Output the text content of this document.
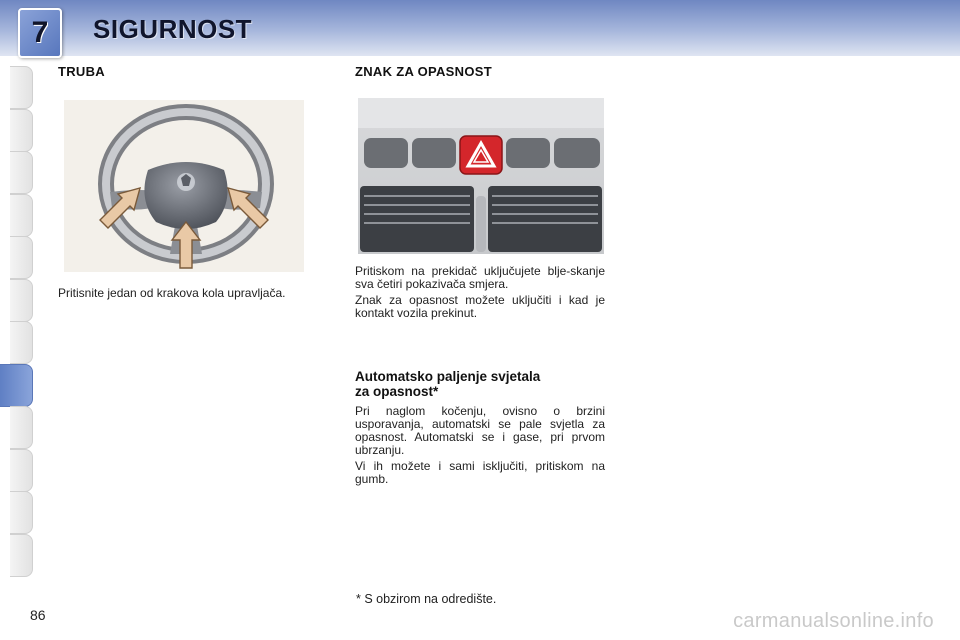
7 SIGURNOST
TRUBA

Pritisnite jedan od krakova kola upravljača.

ZNAK ZA OPASNOST

Pritiskom na prekidač uključujete blje-skanje sva četiri pokazivača smjera.

Znak za opasnost možete uključiti i kad je kontakt vozila prekinut.

Automatsko paljenje svjetala
za opasnost*

Pri naglom kočenju, ovisno o brzini usporavanja, automatski se pale svjetla za opasnost. Automatski se i gase, pri prvom ubrzanju.

Vi ih možete i sami isključiti, pritiskom na gumb.

* S obzirom na odredište.
86	carmanualsonline.info
